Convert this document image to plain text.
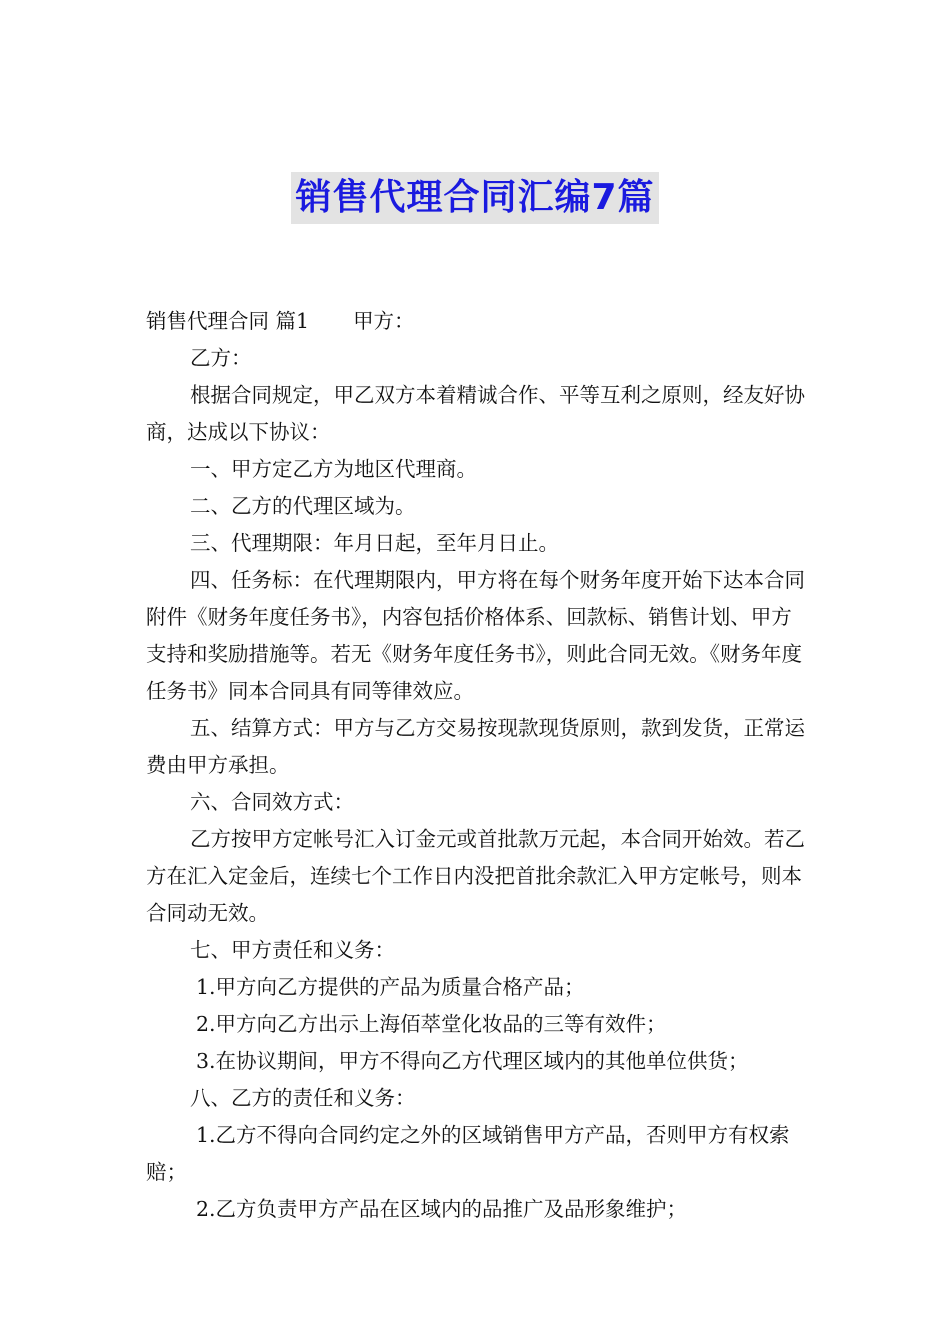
销售代理合同汇编7篇

销售代理合同 篇1 甲方：

乙方：

根据合同规定，甲乙双方本着精诚合作、平等互利之原则，经友好协商，达成以下协议：

一、甲方定乙方为地区代理商。

二、乙方的代理区域为。

三、代理期限：年月日起，至年月日止。

四、任务标：在代理期限内，甲方将在每个财务年度开始下达本合同附件《财务年度任务书》，内容包括价格体系、回款标、销售计划、甲方支持和奖励措施等。若无《财务年度任务书》，则此合同无效。《财务年度任务书》同本合同具有同等律效应。

五、结算方式：甲方与乙方交易按现款现货原则，款到发货，正常运费由甲方承担。

六、合同效方式：

乙方按甲方定帐号汇入订金元或首批款万元起，本合同开始效。若乙方在汇入定金后，连续七个工作日内没把首批余款汇入甲方定帐号，则本合同动无效。

七、甲方责任和义务：

1.甲方向乙方提供的产品为质量合格产品；

2.甲方向乙方出示上海佰萃堂化妆品的三等有效件；

3.在协议期间，甲方不得向乙方代理区域内的其他单位供货；

八、乙方的责任和义务：

1.乙方不得向合同约定之外的区域销售甲方产品，否则甲方有权索赔；

2.乙方负责甲方产品在区域内的品推广及品形象维护；
